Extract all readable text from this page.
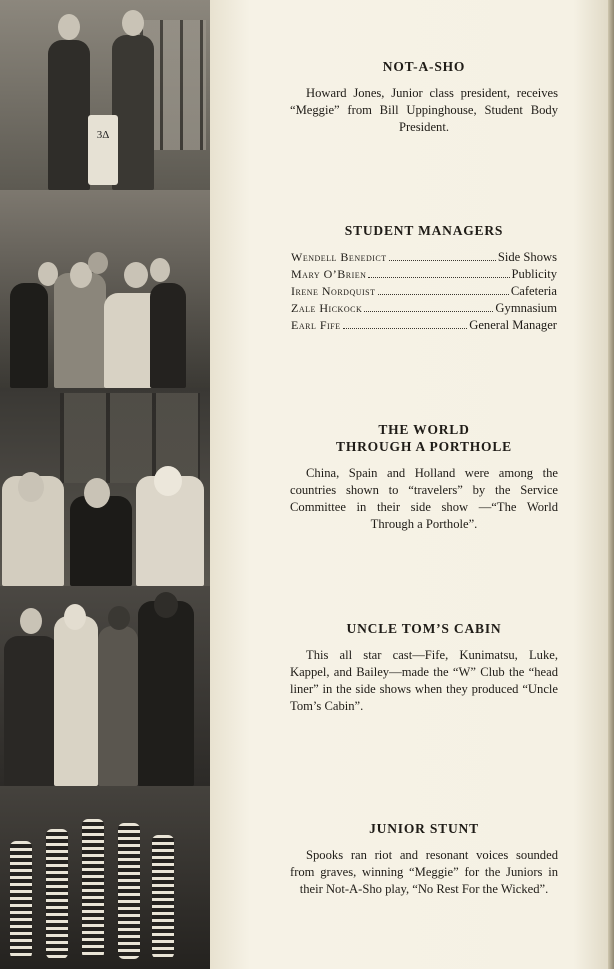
3Δ
NOT-A-SHO

Howard Jones, Junior class president, receives “Meggie” from Bill Uppinghouse, Student Body President.

STUDENT MANAGERS
Wendell Benedict	Side Shows
Mary O’Brien	Publicity
Irene Nordquist	Cafeteria
Zale Hickock	Gymnasium
Earl Fife	General Manager
THE WORLD
THROUGH A PORTHOLE

China, Spain and Holland were among the countries shown to “travelers” by the Service Committee in their side show —“The World Through a Porthole”.

UNCLE TOM’S CABIN

This all star cast—Fife, Kunimatsu, Luke, Kappel, and Bailey—made the “W” Club the “head liner” in the side shows when they produced “Uncle Tom’s Cabin”.

JUNIOR STUNT

Spooks ran riot and resonant voices sounded from graves, winning “Meggie” for the Juniors in their Not-A-Sho play, “No Rest For the Wicked”.
